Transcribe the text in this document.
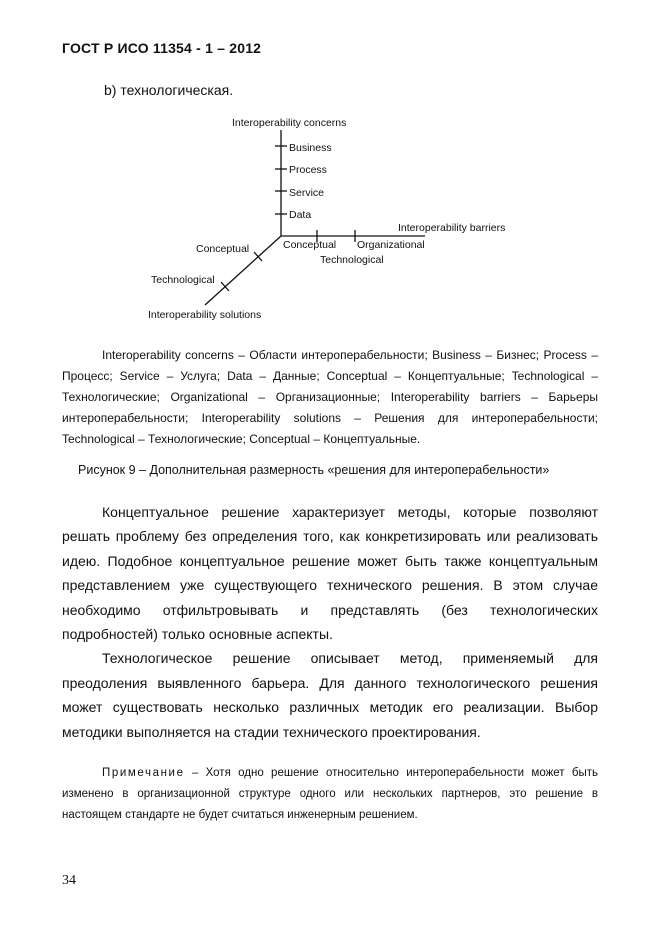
ГОСТ Р ИСО 11354 - 1 – 2012
b) технологическая.
Interoperability concerns
Business
Process
Service
Data
Interoperability barriers
Conceptual Organizational
Technological
Conceptual
Technological
Interoperability solutions

Interoperability concerns – Области интероперабельности; Business – Бизнес; Process – Процесс; Service – Услуга; Data – Данные; Conceptual – Концептуальные; Technological – Технологические; Organizational – Организационные; Interoperability barriers – Барьеры интероперабельности; Interoperability solutions – Решения для интероперабельности; Technological – Технологические; Conceptual – Концептуальные.

Рисунок 9 – Дополнительная размерность «решения для интероперабельности»

Концептуальное решение характеризует методы, которые позволяют решать проблему без определения того, как конкретизировать или реализовать идею. Подобное концептуальное решение может быть также концептуальным представлением уже существующего технического решения. В этом случае необходимо отфильтровывать и представлять (без технологических подробностей) только основные аспекты.

Технологическое решение описывает метод, применяемый для преодоления выявленного барьера. Для данного технологического решения может существовать несколько различных методик его реализации. Выбор методики выполняется на стадии технического проектирования.

Примечание – Хотя одно решение относительно интероперабельности может быть изменено в организационной структуре одного или нескольких партнеров, это решение в настоящем стандарте не будет считаться инженерным решением.

34
